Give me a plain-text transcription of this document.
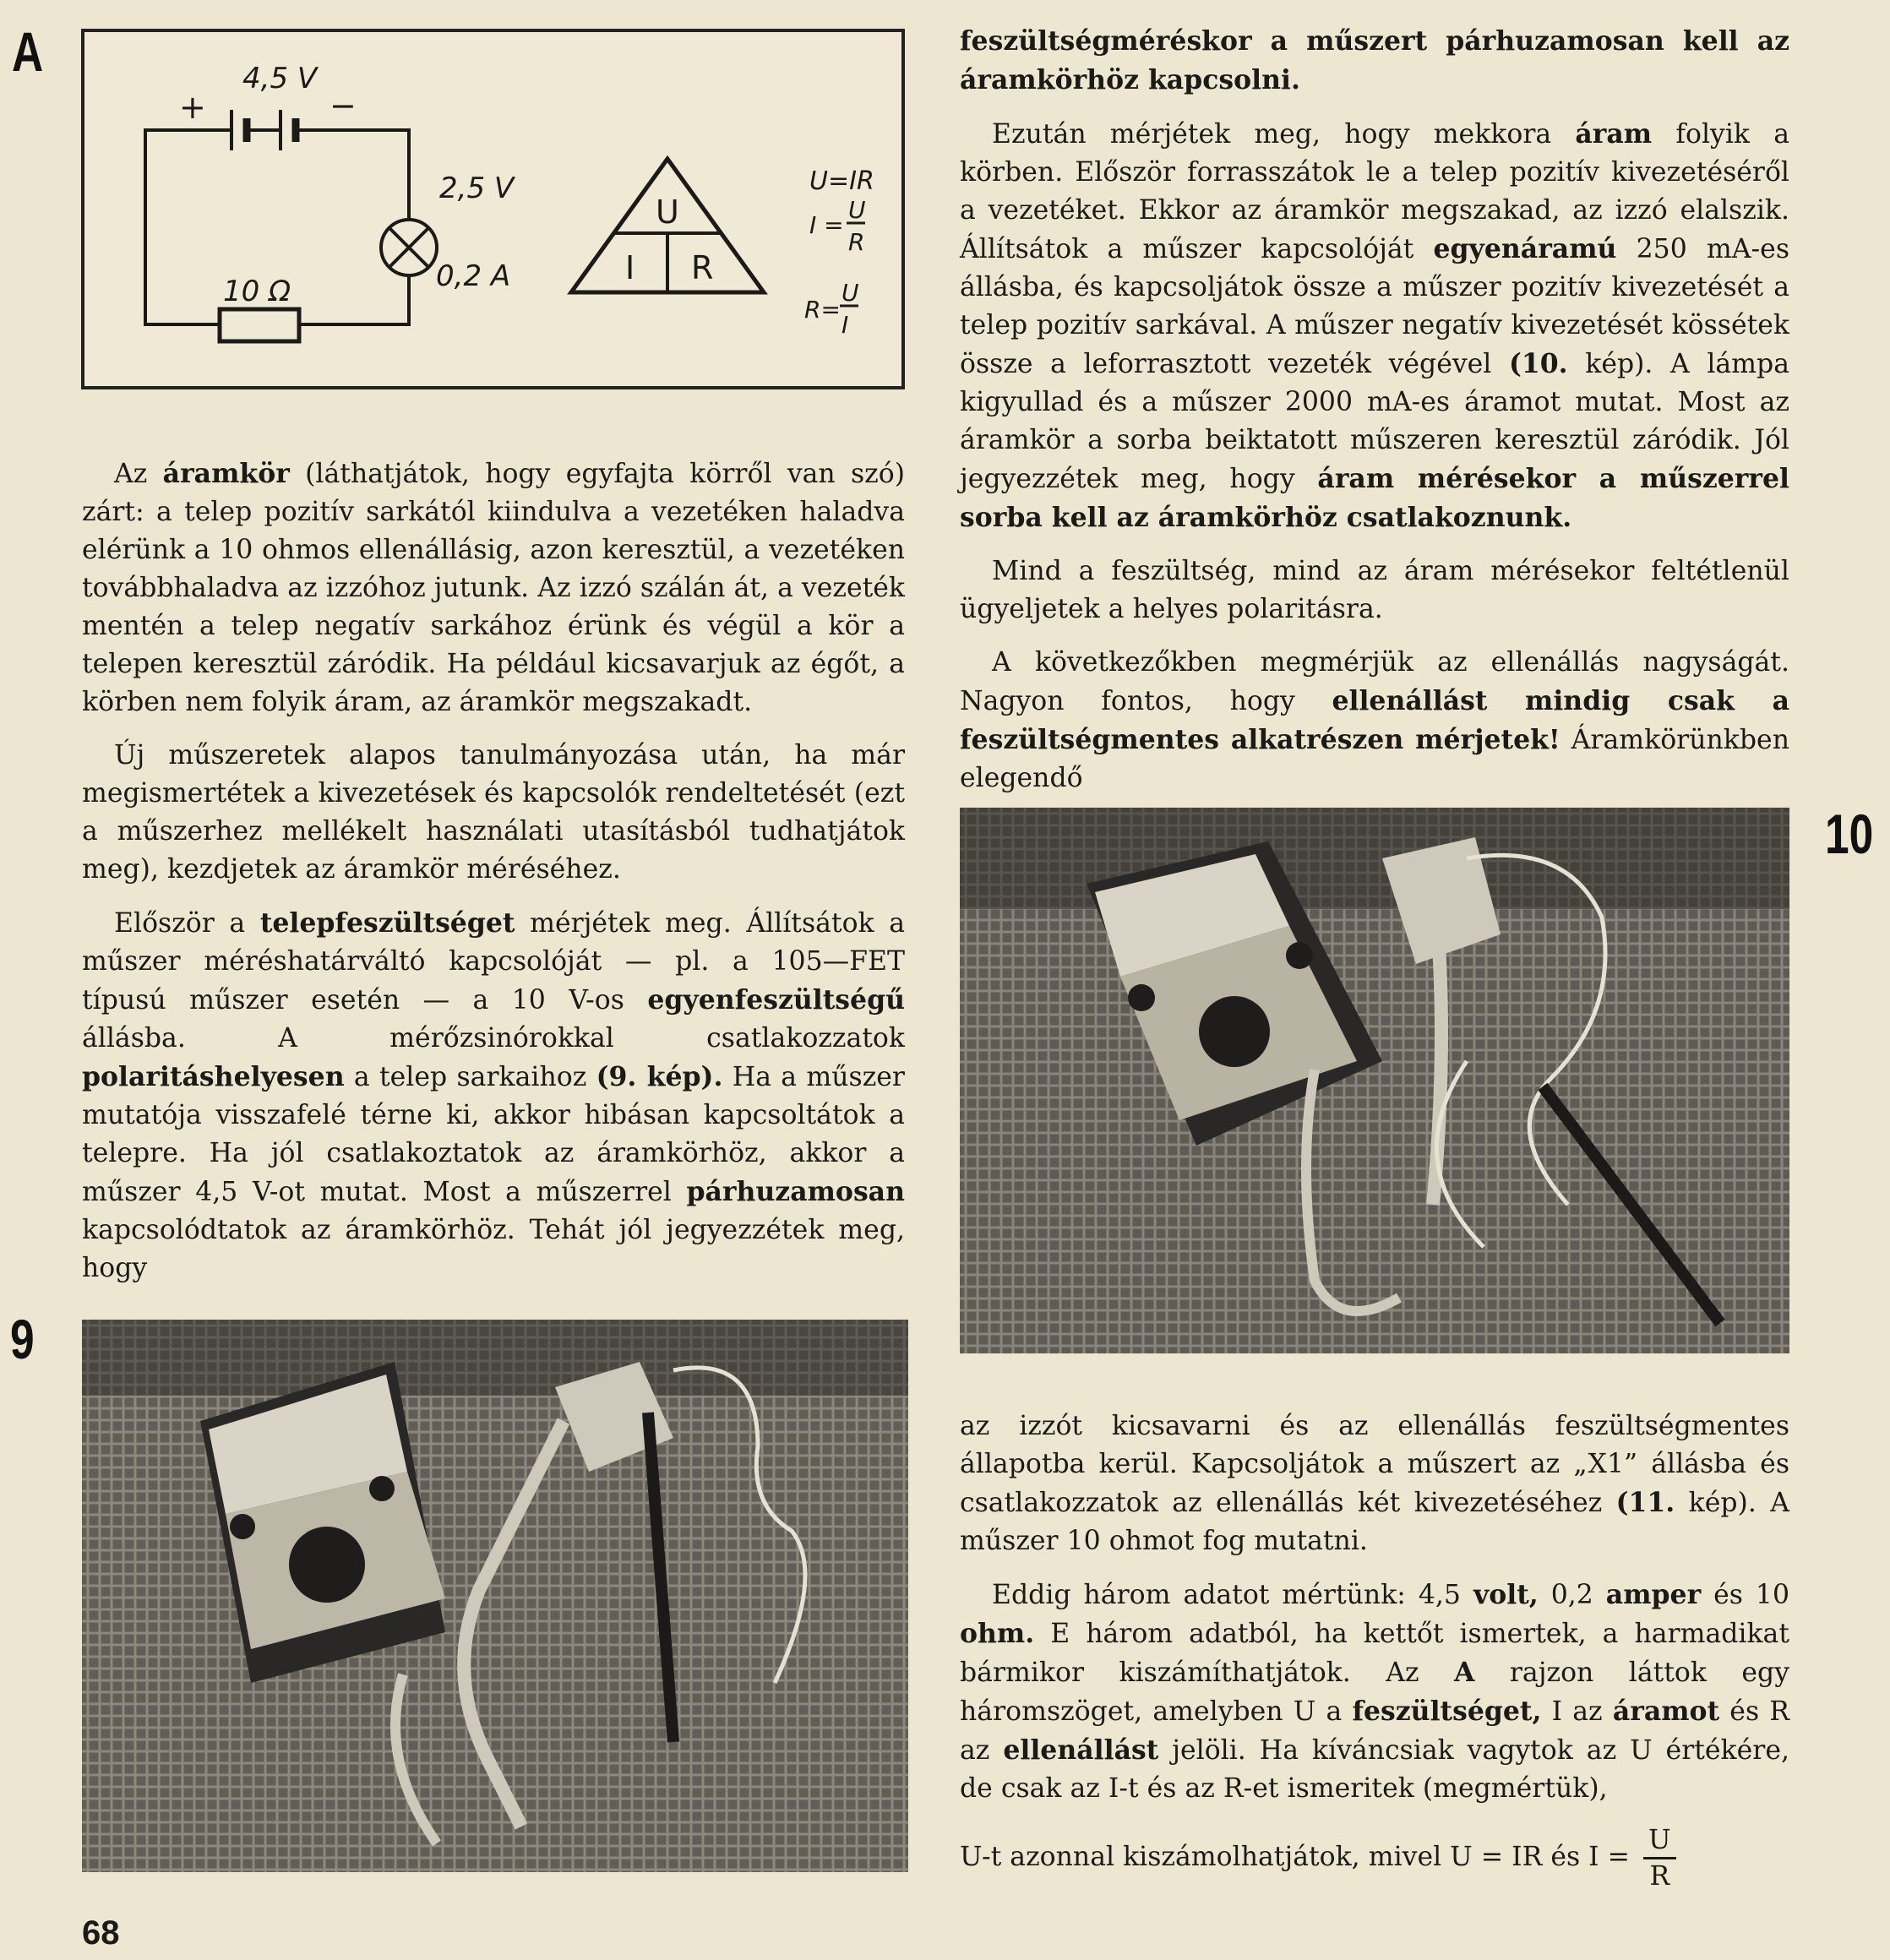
A
9
10
4,5 V
+	−
2,5 V
0,2 A
10 Ω
U=IR
I =
U
R
R=
U
I
U
I R

Az áramkör (láthatjátok, hogy egyfajta körről van szó) zárt: a telep pozitív sarkától kiindulva a vezetéken haladva elérünk a 10 ohmos ellenállásig, azon keresztül, a vezetéken továbbhaladva az izzóhoz jutunk. Az izzó szálán át, a vezeték mentén a telep negatív sarkához érünk és végül a kör a telepen keresztül záródik. Ha például kicsavarjuk az égőt, a körben nem folyik áram, az áramkör megszakadt.

Új műszeretek alapos tanulmányozása után, ha már megismertétek a kivezetések és kapcsolók rendeltetését (ezt a műszerhez mellékelt használati utasításból tudhatjátok meg), kezdjetek az áramkör méréséhez.

Először a telepfeszültséget mérjétek meg. Állítsátok a műszer méréshatárváltó kapcsolóját — pl. a 105—FET típusú műszer esetén — a 10 V-os egyenfeszültségű állásba. A mérőzsinórokkal csatlakozzatok polaritáshelyesen a telep sarkaihoz (9. kép). Ha a műszer mutatója visszafelé térne ki, akkor hibásan kapcsoltátok a telepre. Ha jól csatlakoztatok az áramkörhöz, akkor a műszer 4,5 V-ot mutat. Most a műszerrel párhuzamosan kapcsolódtatok az áramkörhöz. Tehát jól jegyezzétek meg, hogy

feszültségméréskor a műszert párhuzamosan kell az áramkörhöz kapcsolni.

Ezután mérjétek meg, hogy mekkora áram folyik a körben. Először forrasszátok le a telep pozitív kivezetéséről a vezetéket. Ekkor az áramkör megszakad, az izzó elalszik. Állítsátok a műszer kapcsolóját egyenáramú 250 mA-es állásba, és kapcsoljátok össze a műszer pozitív kivezetését a telep pozitív sarkával. A műszer negatív kivezetését kössétek össze a leforrasztott vezeték végével (10. kép). A lámpa kigyullad és a műszer 2000 mA-es áramot mutat. Most az áramkör a sorba beiktatott műszeren keresztül záródik. Jól jegyezzétek meg, hogy áram mérésekor a műszerrel sorba kell az áramkörhöz csatlakoznunk.

Mind a feszültség, mind az áram mérésekor feltétlenül ügyeljetek a helyes polaritásra.

A következőkben megmérjük az ellenállás nagyságát. Nagyon fontos, hogy ellenállást mindig csak a feszültségmentes alkatrészen mérjetek! Áramkörünkben elegendő

az izzót kicsavarni és az ellenállás feszültségmentes állapotba kerül. Kapcsoljátok a műszert az „X1” állásba és csatlakozzatok az ellenállás két kivezetéséhez (11. kép). A műszer 10 ohmot fog mutatni.

Eddig három adatot mértünk: 4,5 volt, 0,2 amper és 10 ohm. E három adatból, ha kettőt ismertek, a harmadikat bármikor kiszámíthatjátok. Az A rajzon láttok egy háromszöget, amelyben U a feszültséget, I az áramot és R az ellenállást jelöli. Ha kíváncsiak vagytok az U értékére, de csak az I-t és az R-et ismeritek (megmértük),

U-t azonnal kiszámolhatjátok, mivel U = IR és $I = \frac{U}{R}$

68
